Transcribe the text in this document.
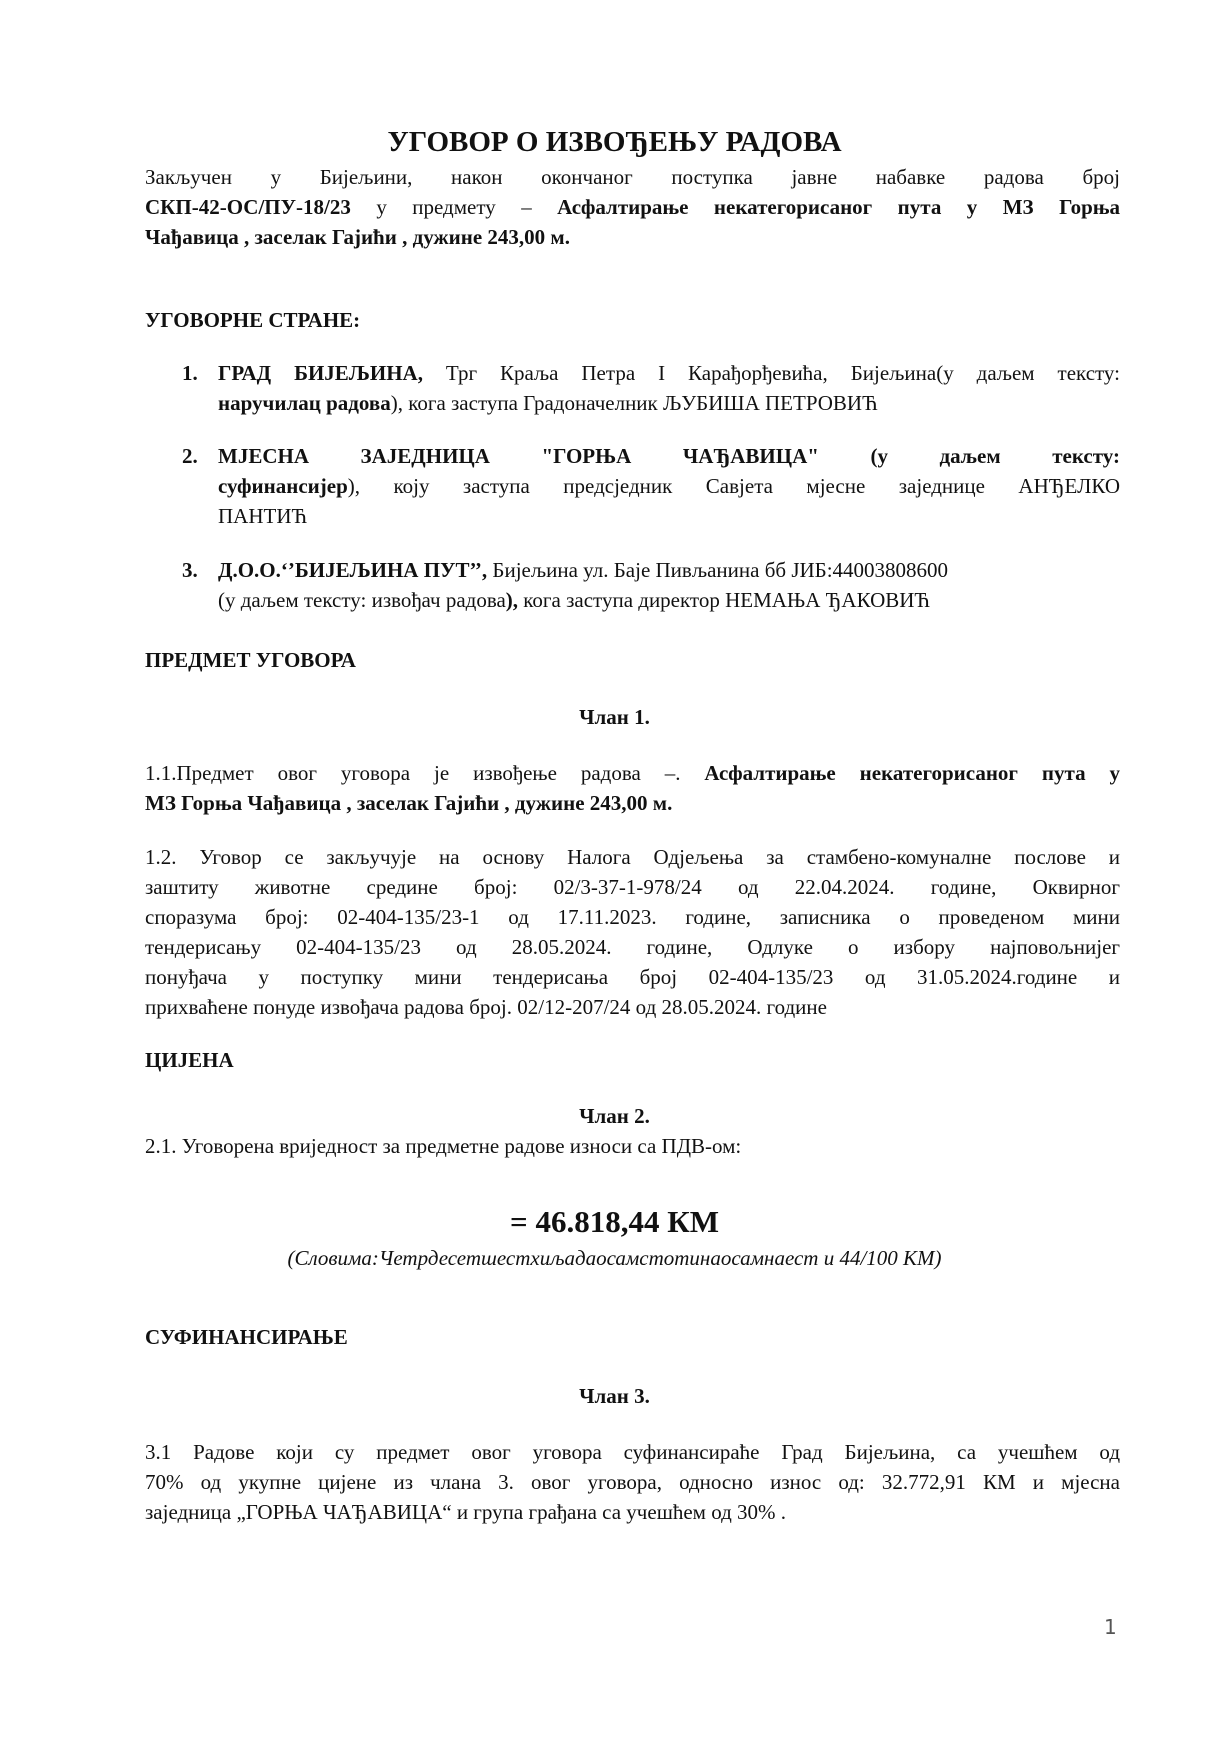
УГОВОР О ИЗВОЂЕЊУ РАДОВА
Закључен у Бијељини, након окончаног поступка јавне набавке радова број
СКП-42-ОС/ПУ-18/23 у предмету – Асфалтирање некатегорисаног пута у МЗ Горња
Чађавица , заселак Гајићи , дужине 243,00 м.
УГОВОРНЕ СТРАНЕ:
1. ГРАД БИЈЕЉИНА, Трг Краља Петра I Карађорђевића, Бијељина(у даљем тексту:
наручилац радова), кога заступа Градоначелник ЉУБИША ПЕТРОВИЋ
2. МЈЕСНА ЗАЈЕДНИЦА "ГОРЊА ЧАЂАВИЦА" (у даљем тексту:
суфинансијер), коју заступа предсједник Савјета мјесне заједнице АНЂЕЛКО
ПАНТИЋ
3. Д.О.О.‘’БИЈЕЉИНА ПУТ’’, Бијељина ул. Баје Пивљанина бб ЈИБ:44003808600
(у даљем тексту: извођач радова), кога заступа директор НЕМАЊА ЂАКОВИЋ
ПРЕДМЕТ УГОВОРА
Члан 1.
1.1.Предмет овог уговора је извођење радова –. Асфалтирање некатегорисаног пута у
МЗ Горња Чађавица , заселак Гајићи , дужине 243,00 м.
1.2. Уговор се закључује на основу Налога Одјељења за стамбено-комуналне послове и
заштиту животне средине број: 02/3-37-1-978/24 од 22.04.2024. године, Оквирног
споразума број: 02-404-135/23-1 од 17.11.2023. године, записника о проведеном мини
тендерисању 02-404-135/23 од 28.05.2024. године, Одлуке о избору најповољнијег
понуђача у поступку мини тендерисања број 02-404-135/23 од 31.05.2024.године и
прихваћене понуде извођача радова број. 02/12-207/24 од 28.05.2024. године
ЦИЈЕНА
Члан 2.
2.1. Уговорена вриједност за предметне радове износи са ПДВ-ом:
= 46.818,44 КМ
(Словима:Четрдесетшестхиљадаосамстотинаосамнаест и 44/100 КМ)
СУФИНАНСИРАЊЕ
Члан 3.
3.1 Радове који су предмет овог уговора суфинансираће Град Бијељина, са учешћем од
70% од укупне цијене из члана 3. овог уговора, односно износ од: 32.772,91 КМ и мјесна
заједница „ГОРЊА ЧАЂАВИЦА“ и група грађана са учешћем од 30% .
1
